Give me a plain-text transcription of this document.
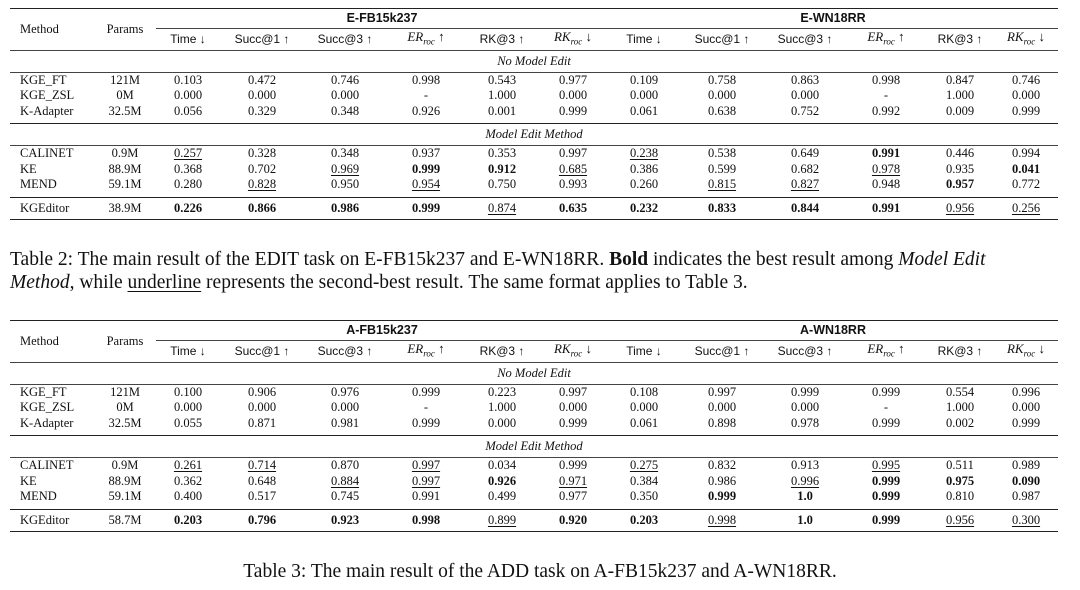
Method	Params	E-FB15k237						E-WN18RR					
		Time ↓	Succ@1 ↑	Succ@3 ↑	$ER_{roc}$ ↑	RK@3 ↑	$RK_{roc}$ ↓	Time ↓	Succ@1 ↑	Succ@3 ↑	$ER_{roc}$ ↑	RK@3 ↑	$RK_{roc}$ ↓
No Model Edit													
KGE_FT	121M	0.103	0.472	0.746	0.998	0.543	0.977	0.109	0.758	0.863	0.998	0.847	0.746
KGE_ZSL	0M	0.000	0.000	0.000	-	1.000	0.000	0.000	0.000	0.000	-	1.000	0.000
K-Adapter	32.5M	0.056	0.329	0.348	0.926	0.001	0.999	0.061	0.638	0.752	0.992	0.009	0.999

Model Edit Method													
CALINET	0.9M	0.257	0.328	0.348	0.937	0.353	0.997	0.238	0.538	0.649	0.991	0.446	0.994
KE	88.9M	0.368	0.702	0.969	0.999	0.912	0.685	0.386	0.599	0.682	0.978	0.935	0.041
MEND	59.1M	0.280	0.828	0.950	0.954	0.750	0.993	0.260	0.815	0.827	0.948	0.957	0.772

KGEditor	38.9M	0.226	0.866	0.986	0.999	0.874	0.635	0.232	0.833	0.844	0.991	0.956	0.256
Table 2: The main result of the EDIT task on E-FB15k237 and E-WN18RR. Bold indicates the best result among Model Edit
Method, while underline represents the second-best result. The same format applies to Table 3.
Method	Params	A-FB15k237						A-WN18RR					
		Time ↓	Succ@1 ↑	Succ@3 ↑	$ER_{roc}$ ↑	RK@3 ↑	$RK_{roc}$ ↓	Time ↓	Succ@1 ↑	Succ@3 ↑	$ER_{roc}$ ↑	RK@3 ↑	$RK_{roc}$ ↓
No Model Edit													
KGE_FT	121M	0.100	0.906	0.976	0.999	0.223	0.997	0.108	0.997	0.999	0.999	0.554	0.996
KGE_ZSL	0M	0.000	0.000	0.000	-	1.000	0.000	0.000	0.000	0.000	-	1.000	0.000
K-Adapter	32.5M	0.055	0.871	0.981	0.999	0.000	0.999	0.061	0.898	0.978	0.999	0.002	0.999

Model Edit Method													
CALINET	0.9M	0.261	0.714	0.870	0.997	0.034	0.999	0.275	0.832	0.913	0.995	0.511	0.989
KE	88.9M	0.362	0.648	0.884	0.997	0.926	0.971	0.384	0.986	0.996	0.999	0.975	0.090
MEND	59.1M	0.400	0.517	0.745	0.991	0.499	0.977	0.350	0.999	1.0	0.999	0.810	0.987

KGEditor	58.7M	0.203	0.796	0.923	0.998	0.899	0.920	0.203	0.998	1.0	0.999	0.956	0.300
Table 3: The main result of the ADD task on A-FB15k237 and A-WN18RR.
